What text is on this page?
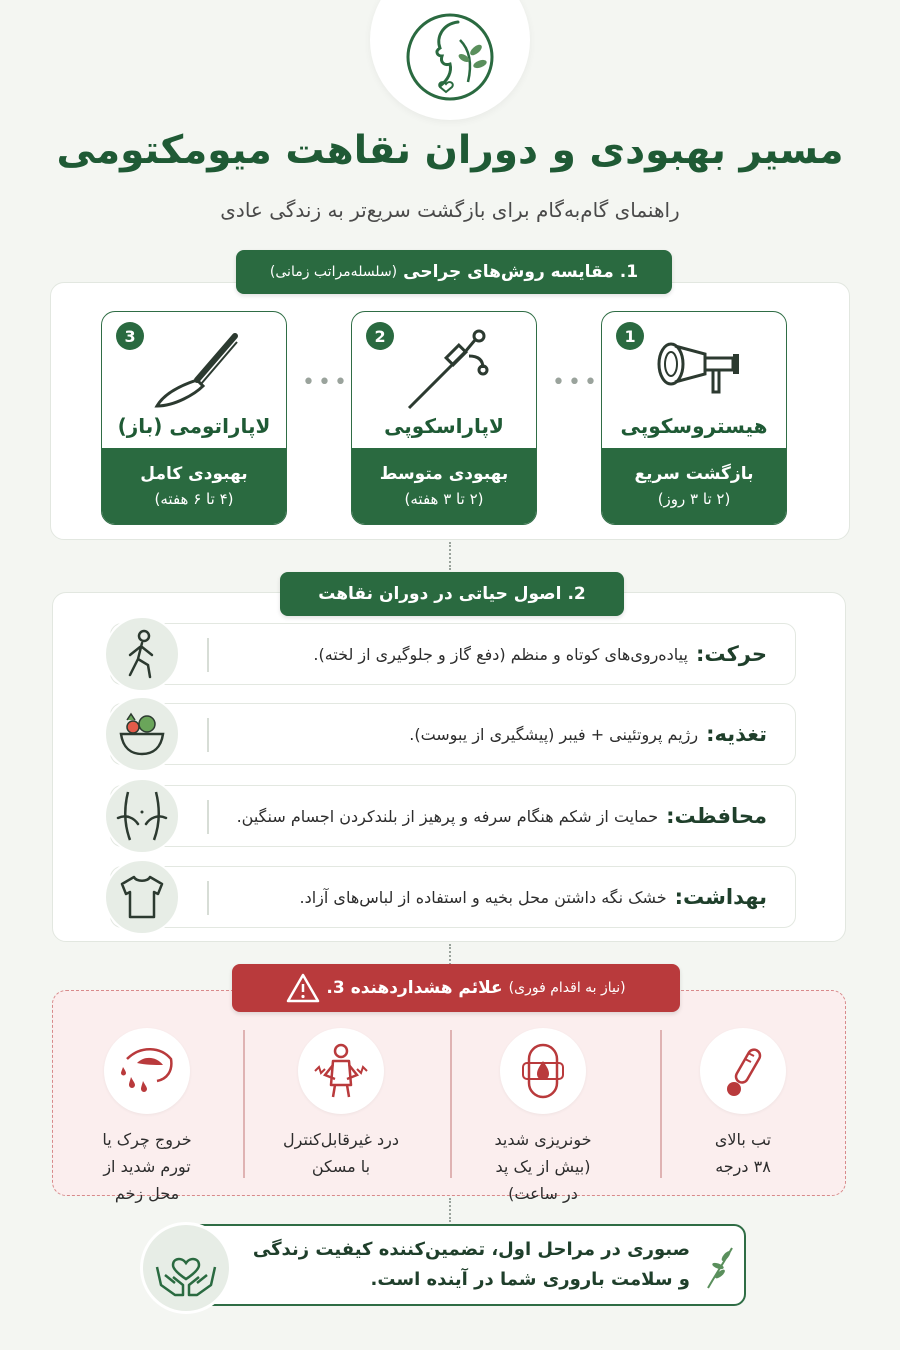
مسیر بهبودی و دوران نقاهت میومکتومی
راهنمای گام‌به‌گام برای بازگشت سریع‌تر به زندگی عادی
1.
مقایسه روش‌های جراحی
(سلسله‌مراتب زمانی)
1
هیستروسکوپی
بازگشت سریع
(۲ تا ۳ روز)
•••
2
لاپاراسکوپی
بهبودی متوسط
(۲ تا ۳ هفته)
•••
3
لاپاراتومی (باز)
بهبودی کامل
(۴ تا ۶ هفته)
2.
اصول حیاتی در دوران نقاهت
حرکت:
پیاده‌روی‌های کوتاه و منظم (دفع گاز و جلوگیری از لخته).
تغذیه:
رژیم پروتئینی + فیبر (پیشگیری از یبوست).
محافظت:
حمایت از شکم هنگام سرفه و پرهیز از بلندکردن اجسام سنگین.
بهداشت:
خشک نگه داشتن محل بخیه و استفاده از لباس‌های آزاد.
(نیاز به اقدام فوری)
علائم هشداردهنده
3.
تب بالای
۳۸ درجه
خونریزی شدید
(بیش از یک پد
در ساعت)
درد غیرقابل‌کنترل
با مسکن
خروج چرک یا
تورم شدید از
محل زخم
صبوری در مراحل اول، تضمین‌کننده کیفیت زندگی
و سلامت باروری شما در آینده است.
